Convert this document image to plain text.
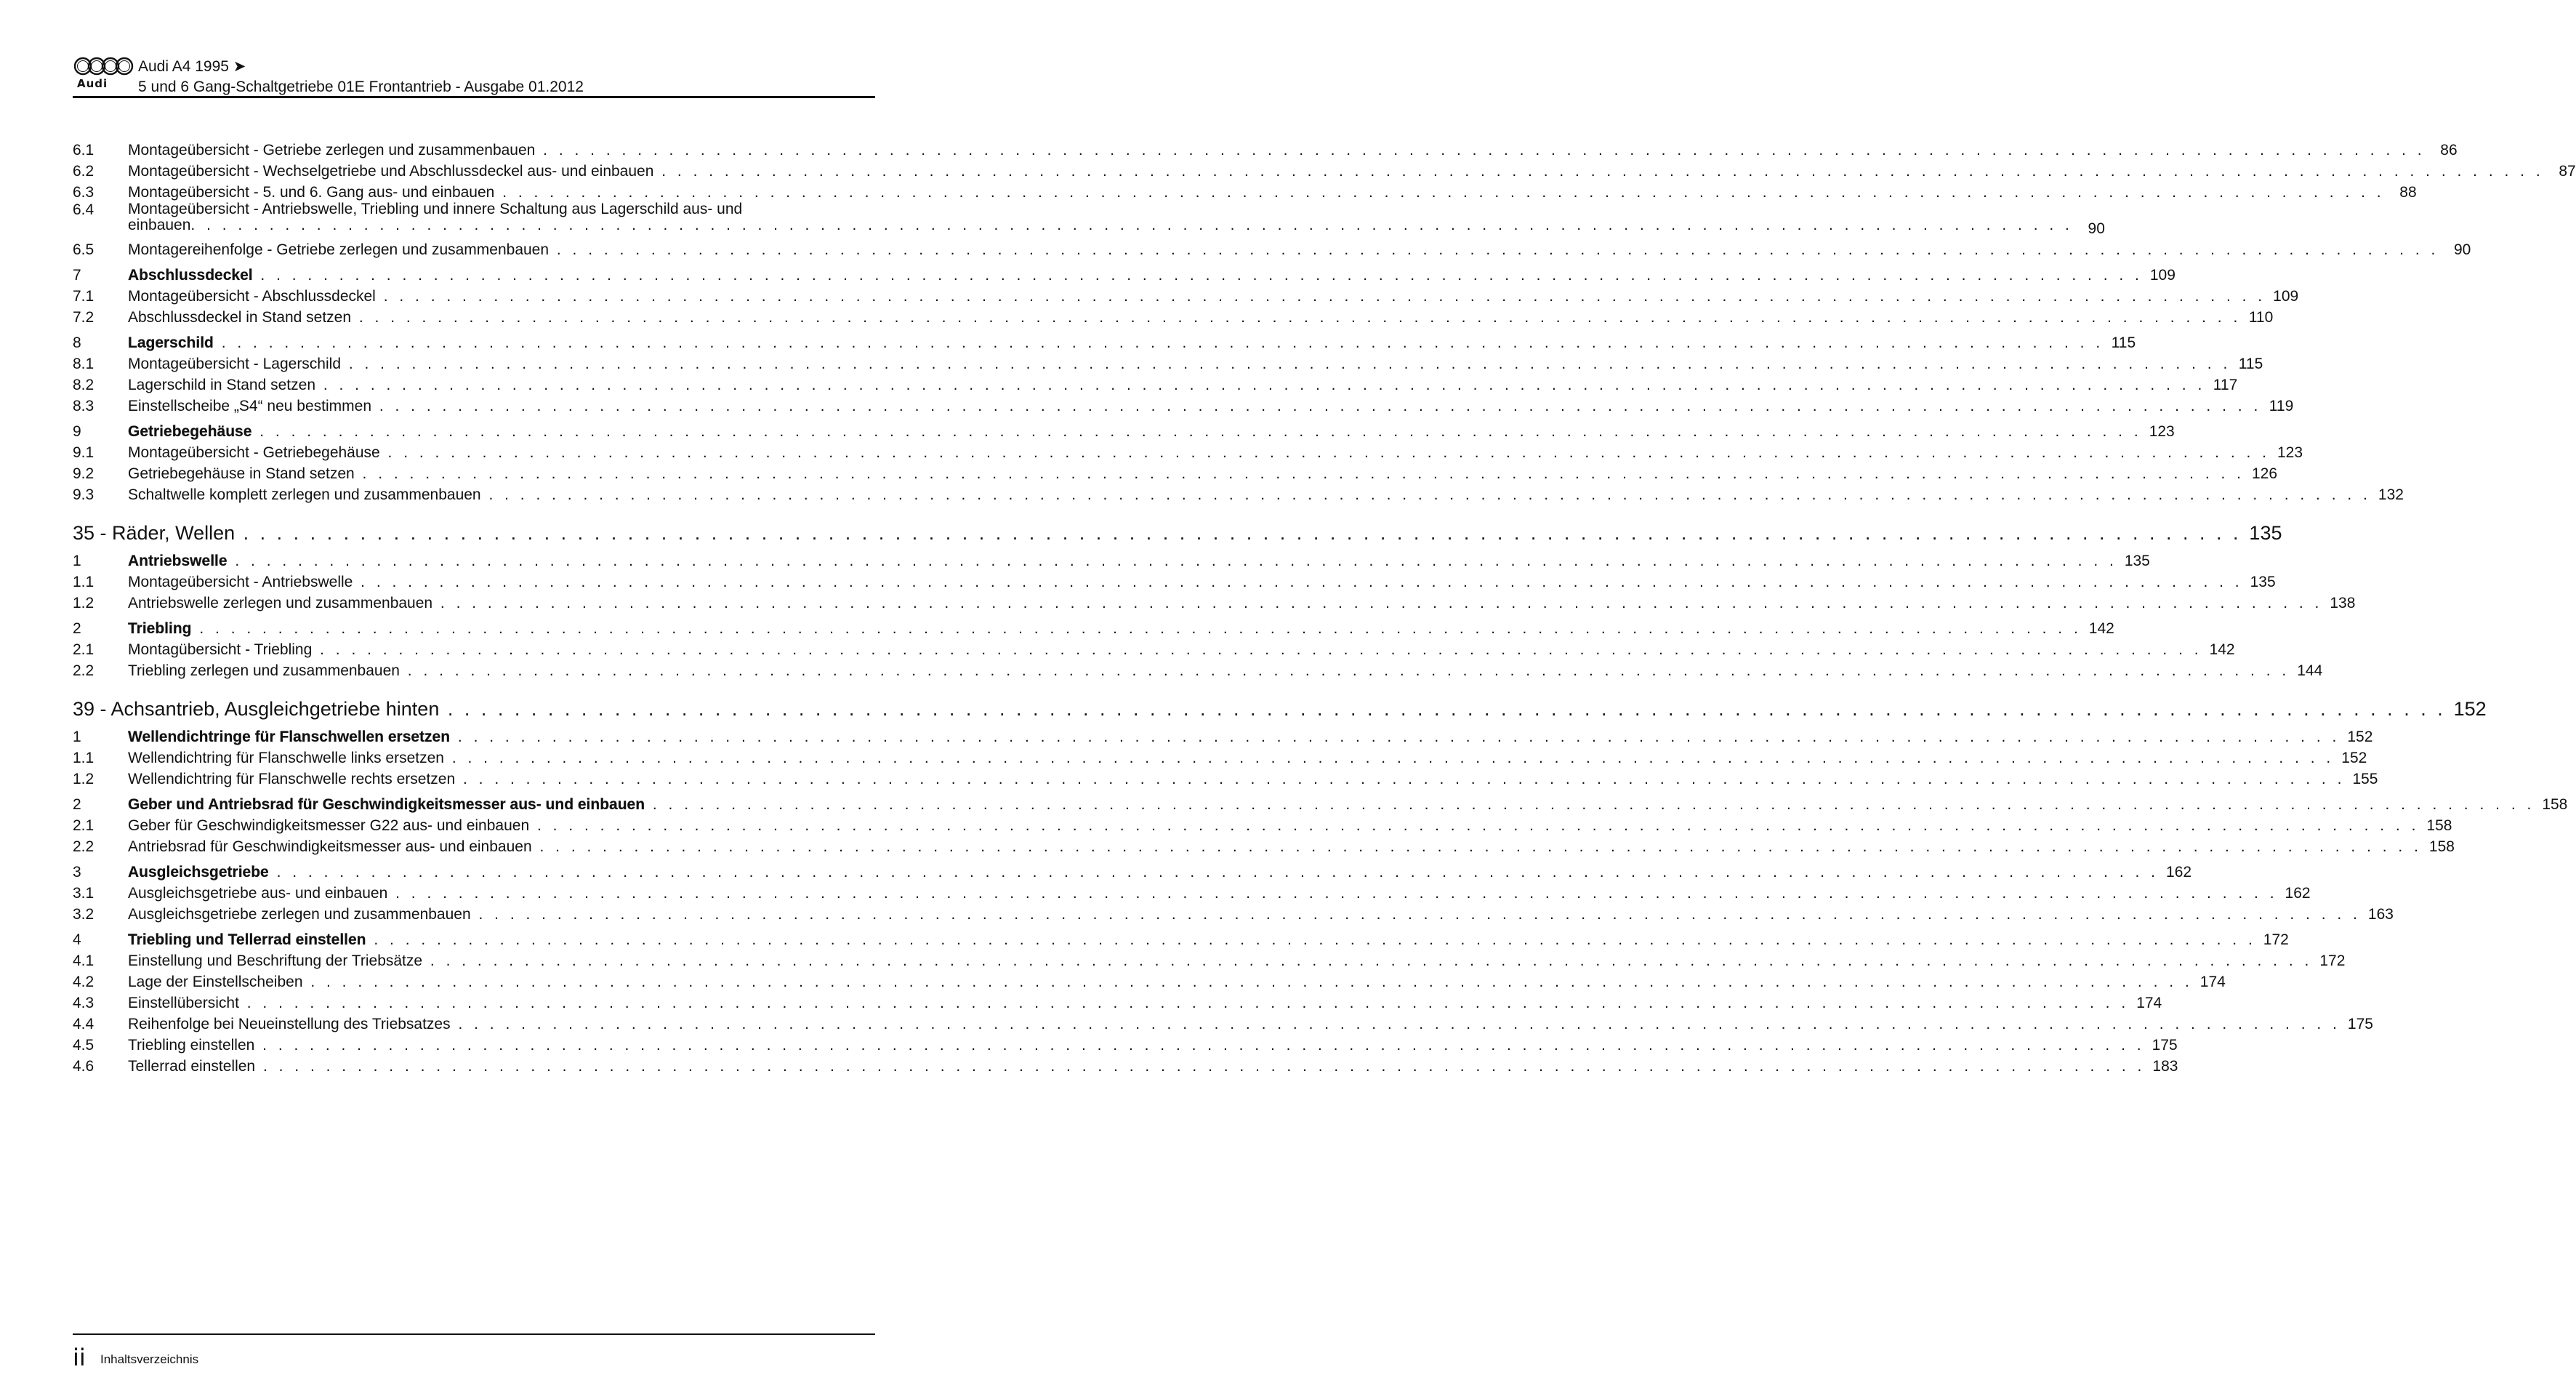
Audi
Audi A4 1995 ➤
5 und 6 Gang-Schaltgetriebe 01E Frontantrieb - Ausgabe 01.2012
6.1	Montageübersicht - Getriebe zerlegen und zusammenbauen . . . . . . . . . . . . . . . . . . . . . . . . . . . . . . . . . . . . . . . . . . . . . . . . . . . . . . . . . . . . . . . . . . . . . . . . . . . . . . . . . . . . . . . . . . . . . . . . . . . . . . . . . . . . . . . . . . . . . . . . 86
6.2	Montageübersicht - Wechselgetriebe und Abschlussdeckel aus- und einbauen . . . . . . . . . . . . . . . . . . . . . . . . . . . . . . . . . . . . . . . . . . . . . . . . . . . . . . . . . . . . . . . . . . . . . . . . . . . . . . . . . . . . . . . . . . . . . . . . . . . . . . . . . . . . . . . . . . . . . . . . 87
6.3	Montageübersicht - 5. und 6. Gang aus- und einbauen . . . . . . . . . . . . . . . . . . . . . . . . . . . . . . . . . . . . . . . . . . . . . . . . . . . . . . . . . . . . . . . . . . . . . . . . . . . . . . . . . . . . . . . . . . . . . . . . . . . . . . . . . . . . . . . . . . . . . . . . 88
6.4	Montageübersicht - Antriebswelle, Triebling und innere Schaltung aus Lagerschild aus- und
einbauen . . . . . . . . . . . . . . . . . . . . . . . . . . . . . . . . . . . . . . . . . . . . . . . . . . . . . . . . . . . . . . . . . . . . . . . . . . . . . . . . . . . . . . . . . . . . . . . . . . . . . . . . . . . . . . . . . . . . . . . . 90
6.5	Montagereihenfolge - Getriebe zerlegen und zusammenbauen . . . . . . . . . . . . . . . . . . . . . . . . . . . . . . . . . . . . . . . . . . . . . . . . . . . . . . . . . . . . . . . . . . . . . . . . . . . . . . . . . . . . . . . . . . . . . . . . . . . . . . . . . . . . . . . . . . . . . . . . 90
7	Abschlussdeckel . . . . . . . . . . . . . . . . . . . . . . . . . . . . . . . . . . . . . . . . . . . . . . . . . . . . . . . . . . . . . . . . . . . . . . . . . . . . . . . . . . . . . . . . . . . . . . . . . . . . . . . . . . . . . . . . . . . . . . . . 109
7.1	Montageübersicht - Abschlussdeckel . . . . . . . . . . . . . . . . . . . . . . . . . . . . . . . . . . . . . . . . . . . . . . . . . . . . . . . . . . . . . . . . . . . . . . . . . . . . . . . . . . . . . . . . . . . . . . . . . . . . . . . . . . . . . . . . . . . . . . . . 109
7.2	Abschlussdeckel in Stand setzen . . . . . . . . . . . . . . . . . . . . . . . . . . . . . . . . . . . . . . . . . . . . . . . . . . . . . . . . . . . . . . . . . . . . . . . . . . . . . . . . . . . . . . . . . . . . . . . . . . . . . . . . . . . . . . . . . . . . . . . . 110
8	Lagerschild . . . . . . . . . . . . . . . . . . . . . . . . . . . . . . . . . . . . . . . . . . . . . . . . . . . . . . . . . . . . . . . . . . . . . . . . . . . . . . . . . . . . . . . . . . . . . . . . . . . . . . . . . . . . . . . . . . . . . . . . 115
8.1	Montageübersicht - Lagerschild . . . . . . . . . . . . . . . . . . . . . . . . . . . . . . . . . . . . . . . . . . . . . . . . . . . . . . . . . . . . . . . . . . . . . . . . . . . . . . . . . . . . . . . . . . . . . . . . . . . . . . . . . . . . . . . . . . . . . . . . 115
8.2	Lagerschild in Stand setzen . . . . . . . . . . . . . . . . . . . . . . . . . . . . . . . . . . . . . . . . . . . . . . . . . . . . . . . . . . . . . . . . . . . . . . . . . . . . . . . . . . . . . . . . . . . . . . . . . . . . . . . . . . . . . . . . . . . . . . . . 117
8.3	Einstellscheibe „S4“ neu bestimmen . . . . . . . . . . . . . . . . . . . . . . . . . . . . . . . . . . . . . . . . . . . . . . . . . . . . . . . . . . . . . . . . . . . . . . . . . . . . . . . . . . . . . . . . . . . . . . . . . . . . . . . . . . . . . . . . . . . . . . . . 119
9	Getriebegehäuse . . . . . . . . . . . . . . . . . . . . . . . . . . . . . . . . . . . . . . . . . . . . . . . . . . . . . . . . . . . . . . . . . . . . . . . . . . . . . . . . . . . . . . . . . . . . . . . . . . . . . . . . . . . . . . . . . . . . . . . . 123
9.1	Montageübersicht - Getriebegehäuse . . . . . . . . . . . . . . . . . . . . . . . . . . . . . . . . . . . . . . . . . . . . . . . . . . . . . . . . . . . . . . . . . . . . . . . . . . . . . . . . . . . . . . . . . . . . . . . . . . . . . . . . . . . . . . . . . . . . . . . . 123
9.2	Getriebegehäuse in Stand setzen . . . . . . . . . . . . . . . . . . . . . . . . . . . . . . . . . . . . . . . . . . . . . . . . . . . . . . . . . . . . . . . . . . . . . . . . . . . . . . . . . . . . . . . . . . . . . . . . . . . . . . . . . . . . . . . . . . . . . . . . 126
9.3	Schaltwelle komplett zerlegen und zusammenbauen . . . . . . . . . . . . . . . . . . . . . . . . . . . . . . . . . . . . . . . . . . . . . . . . . . . . . . . . . . . . . . . . . . . . . . . . . . . . . . . . . . . . . . . . . . . . . . . . . . . . . . . . . . . . . . . . . . . . . . . . 132
35 - Räder, Wellen . . . . . . . . . . . . . . . . . . . . . . . . . . . . . . . . . . . . . . . . . . . . . . . . . . . . . . . . . . . . . . . . . . . . . . . . . . . . . . . . . . . . . . . . . . . . . . . . . . . . . . . . . . . . . . . . . . . . . . . . 135
1	Antriebswelle . . . . . . . . . . . . . . . . . . . . . . . . . . . . . . . . . . . . . . . . . . . . . . . . . . . . . . . . . . . . . . . . . . . . . . . . . . . . . . . . . . . . . . . . . . . . . . . . . . . . . . . . . . . . . . . . . . . . . . . . 135
1.1	Montageübersicht - Antriebswelle . . . . . . . . . . . . . . . . . . . . . . . . . . . . . . . . . . . . . . . . . . . . . . . . . . . . . . . . . . . . . . . . . . . . . . . . . . . . . . . . . . . . . . . . . . . . . . . . . . . . . . . . . . . . . . . . . . . . . . . . 135
1.2	Antriebswelle zerlegen und zusammenbauen . . . . . . . . . . . . . . . . . . . . . . . . . . . . . . . . . . . . . . . . . . . . . . . . . . . . . . . . . . . . . . . . . . . . . . . . . . . . . . . . . . . . . . . . . . . . . . . . . . . . . . . . . . . . . . . . . . . . . . . . 138
2	Triebling . . . . . . . . . . . . . . . . . . . . . . . . . . . . . . . . . . . . . . . . . . . . . . . . . . . . . . . . . . . . . . . . . . . . . . . . . . . . . . . . . . . . . . . . . . . . . . . . . . . . . . . . . . . . . . . . . . . . . . . . 142
2.1	Montagübersicht - Triebling . . . . . . . . . . . . . . . . . . . . . . . . . . . . . . . . . . . . . . . . . . . . . . . . . . . . . . . . . . . . . . . . . . . . . . . . . . . . . . . . . . . . . . . . . . . . . . . . . . . . . . . . . . . . . . . . . . . . . . . . 142
2.2	Triebling zerlegen und zusammenbauen . . . . . . . . . . . . . . . . . . . . . . . . . . . . . . . . . . . . . . . . . . . . . . . . . . . . . . . . . . . . . . . . . . . . . . . . . . . . . . . . . . . . . . . . . . . . . . . . . . . . . . . . . . . . . . . . . . . . . . . . 144
39 - Achsantrieb, Ausgleichgetriebe hinten . . . . . . . . . . . . . . . . . . . . . . . . . . . . . . . . . . . . . . . . . . . . . . . . . . . . . . . . . . . . . . . . . . . . . . . . . . . . . . . . . . . . . . . . . . . . . . . . . . . . . . . . . . . . . . . . . . . . . . . . 152
1	Wellendichtringe für Flanschwellen ersetzen . . . . . . . . . . . . . . . . . . . . . . . . . . . . . . . . . . . . . . . . . . . . . . . . . . . . . . . . . . . . . . . . . . . . . . . . . . . . . . . . . . . . . . . . . . . . . . . . . . . . . . . . . . . . . . . . . . . . . . . . 152
1.1	Wellendichtring für Flanschwelle links ersetzen . . . . . . . . . . . . . . . . . . . . . . . . . . . . . . . . . . . . . . . . . . . . . . . . . . . . . . . . . . . . . . . . . . . . . . . . . . . . . . . . . . . . . . . . . . . . . . . . . . . . . . . . . . . . . . . . . . . . . . . . 152
1.2	Wellendichtring für Flanschwelle rechts ersetzen . . . . . . . . . . . . . . . . . . . . . . . . . . . . . . . . . . . . . . . . . . . . . . . . . . . . . . . . . . . . . . . . . . . . . . . . . . . . . . . . . . . . . . . . . . . . . . . . . . . . . . . . . . . . . . . . . . . . . . . . 155
2	Geber und Antriebsrad für Geschwindigkeitsmesser aus- und einbauen . . . . . . . . . . . . . . . . . . . . . . . . . . . . . . . . . . . . . . . . . . . . . . . . . . . . . . . . . . . . . . . . . . . . . . . . . . . . . . . . . . . . . . . . . . . . . . . . . . . . . . . . . . . . . . . . . . . . . . . . 158
2.1	Geber für Geschwindigkeitsmesser G22 aus- und einbauen . . . . . . . . . . . . . . . . . . . . . . . . . . . . . . . . . . . . . . . . . . . . . . . . . . . . . . . . . . . . . . . . . . . . . . . . . . . . . . . . . . . . . . . . . . . . . . . . . . . . . . . . . . . . . . . . . . . . . . . . 158
2.2	Antriebsrad für Geschwindigkeitsmesser aus- und einbauen . . . . . . . . . . . . . . . . . . . . . . . . . . . . . . . . . . . . . . . . . . . . . . . . . . . . . . . . . . . . . . . . . . . . . . . . . . . . . . . . . . . . . . . . . . . . . . . . . . . . . . . . . . . . . . . . . . . . . . . . 158
3	Ausgleichsgetriebe . . . . . . . . . . . . . . . . . . . . . . . . . . . . . . . . . . . . . . . . . . . . . . . . . . . . . . . . . . . . . . . . . . . . . . . . . . . . . . . . . . . . . . . . . . . . . . . . . . . . . . . . . . . . . . . . . . . . . . . . 162
3.1	Ausgleichsgetriebe aus- und einbauen . . . . . . . . . . . . . . . . . . . . . . . . . . . . . . . . . . . . . . . . . . . . . . . . . . . . . . . . . . . . . . . . . . . . . . . . . . . . . . . . . . . . . . . . . . . . . . . . . . . . . . . . . . . . . . . . . . . . . . . . 162
3.2	Ausgleichsgetriebe zerlegen und zusammenbauen . . . . . . . . . . . . . . . . . . . . . . . . . . . . . . . . . . . . . . . . . . . . . . . . . . . . . . . . . . . . . . . . . . . . . . . . . . . . . . . . . . . . . . . . . . . . . . . . . . . . . . . . . . . . . . . . . . . . . . . . 163
4	Triebling und Tellerrad einstellen . . . . . . . . . . . . . . . . . . . . . . . . . . . . . . . . . . . . . . . . . . . . . . . . . . . . . . . . . . . . . . . . . . . . . . . . . . . . . . . . . . . . . . . . . . . . . . . . . . . . . . . . . . . . . . . . . . . . . . . . 172
4.1	Einstellung und Beschriftung der Triebsätze . . . . . . . . . . . . . . . . . . . . . . . . . . . . . . . . . . . . . . . . . . . . . . . . . . . . . . . . . . . . . . . . . . . . . . . . . . . . . . . . . . . . . . . . . . . . . . . . . . . . . . . . . . . . . . . . . . . . . . . . 172
4.2	Lage der Einstellscheiben . . . . . . . . . . . . . . . . . . . . . . . . . . . . . . . . . . . . . . . . . . . . . . . . . . . . . . . . . . . . . . . . . . . . . . . . . . . . . . . . . . . . . . . . . . . . . . . . . . . . . . . . . . . . . . . . . . . . . . . . 174
4.3	Einstellübersicht . . . . . . . . . . . . . . . . . . . . . . . . . . . . . . . . . . . . . . . . . . . . . . . . . . . . . . . . . . . . . . . . . . . . . . . . . . . . . . . . . . . . . . . . . . . . . . . . . . . . . . . . . . . . . . . . . . . . . . . . 174
4.4	Reihenfolge bei Neueinstellung des Triebsatzes . . . . . . . . . . . . . . . . . . . . . . . . . . . . . . . . . . . . . . . . . . . . . . . . . . . . . . . . . . . . . . . . . . . . . . . . . . . . . . . . . . . . . . . . . . . . . . . . . . . . . . . . . . . . . . . . . . . . . . . . 175
4.5	Triebling einstellen . . . . . . . . . . . . . . . . . . . . . . . . . . . . . . . . . . . . . . . . . . . . . . . . . . . . . . . . . . . . . . . . . . . . . . . . . . . . . . . . . . . . . . . . . . . . . . . . . . . . . . . . . . . . . . . . . . . . . . . . 175
4.6	Tellerrad einstellen . . . . . . . . . . . . . . . . . . . . . . . . . . . . . . . . . . . . . . . . . . . . . . . . . . . . . . . . . . . . . . . . . . . . . . . . . . . . . . . . . . . . . . . . . . . . . . . . . . . . . . . . . . . . . . . . . . . . . . . . 183
ii Inhaltsverzeichnis
